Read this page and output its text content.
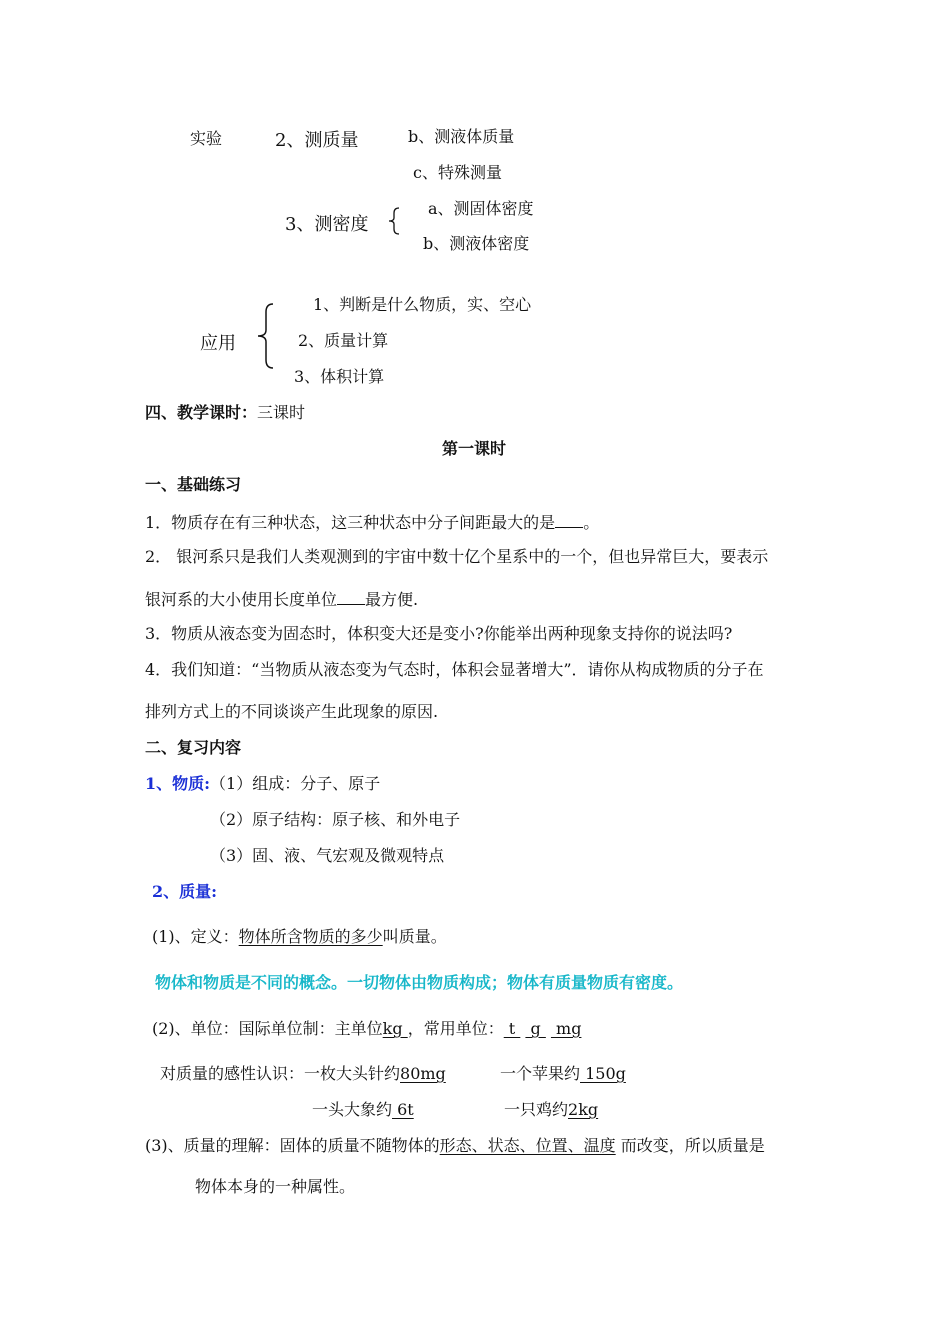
实验	2、测质量	b、测液体质量
c、特殊测量
3、测密度
a、测固体密度
b、测液体密度
应用
1、判断是什么物质，实、空心
2、质量计算
3、体积计算
四、教学课时：三课时
第一课时
一、基础练习
1．物质存在有三种状态，这三种状态中分子间距最大的是 。
2． 银河系只是我们人类观测到的宇宙中数十亿个星系中的一个，但也异常巨大，要表示
银河系的大小使用长度单位 最方便.
3．物质从液态变为固态时，体积变大还是变小?你能举出两种现象支持你的说法吗?
4．我们知道：“当物质从液态变为气态时，体积会显著增大”．请你从构成物质的分子在
排列方式上的不同谈谈产生此现象的原因.
二、复习内容
1、物质:（1）组成：分子、原子
（2）原子结构：原子核、和外电子
（3）固、液、气宏观及微观特点
2、质量:
(1)、定义：物体所含物质的多少叫质量。
物体和物质是不同的概念。一切物体由物质构成；物体有质量物质有密度。
(2)、单位：国际单位制：主单位kg ，常用单位： t   g   mg
对质量的感性认识：一枚大头针约80mg	一个苹果约 150g
一头大象约 6t	一只鸡约2kg
(3)、质量的理解：固体的质量不随物体的形态、状态、位置、温度 而改变，所以质量是
物体本身的一种属性。
